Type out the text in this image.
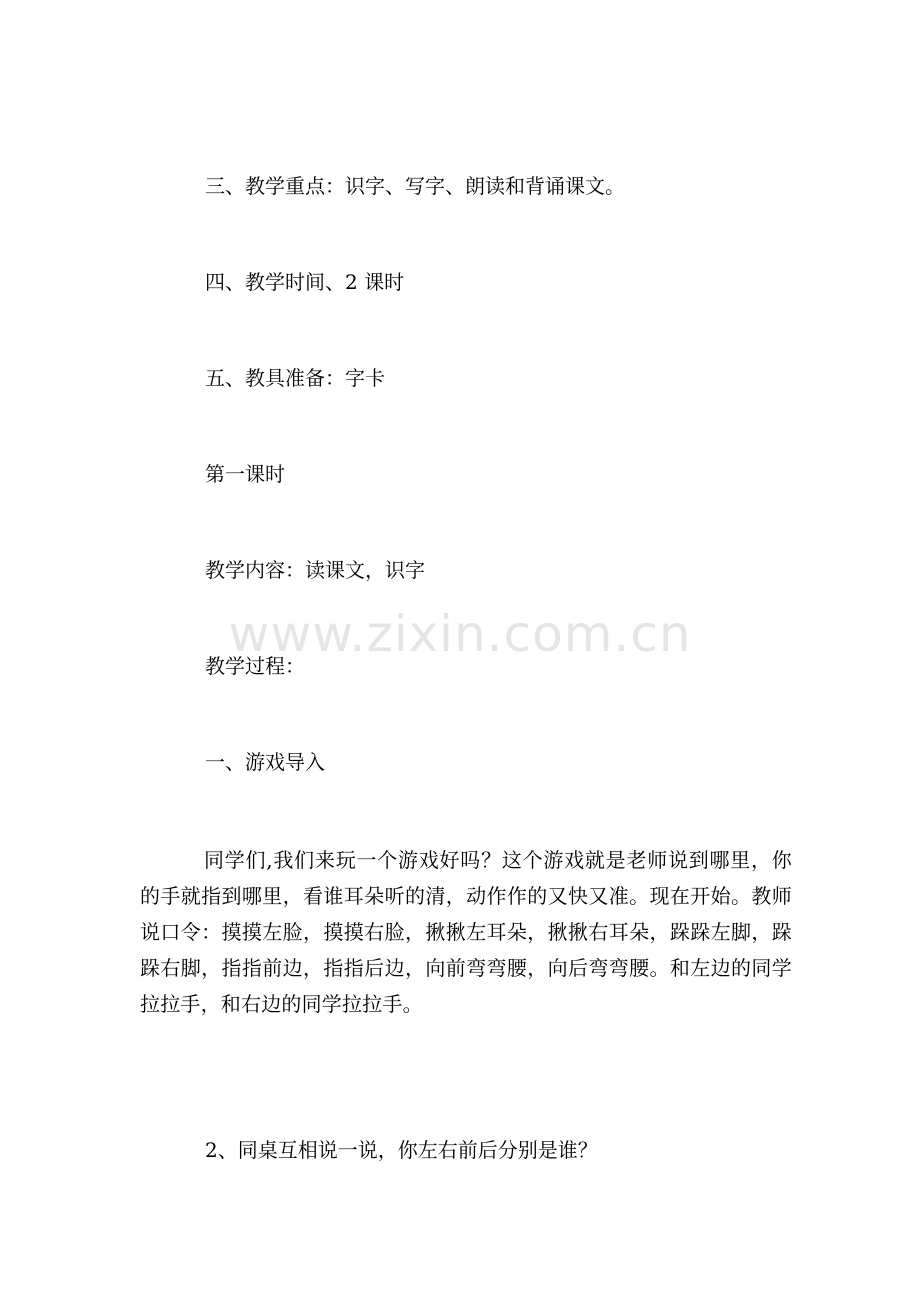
三、教学重点：识字、写字、朗读和背诵课文。
四、教学时间、2 课时
五、教具准备：字卡
第一课时
教学内容：读课文，识字
教学过程：
一、游戏导入
同学们,我们来玩一个游戏好吗？这个游戏就是老师说到哪里，你的手就指到哪里，看谁耳朵听的清，动作作的又快又准。现在开始。教师说口令：摸摸左脸，摸摸右脸，揪揪左耳朵，揪揪右耳朵，跺跺左脚，跺跺右脚，指指前边，指指后边，向前弯弯腰，向后弯弯腰。和左边的同学拉拉手，和右边的同学拉拉手。
2、同桌互相说一说，你左右前后分别是谁？
www.zixin.com.cn
